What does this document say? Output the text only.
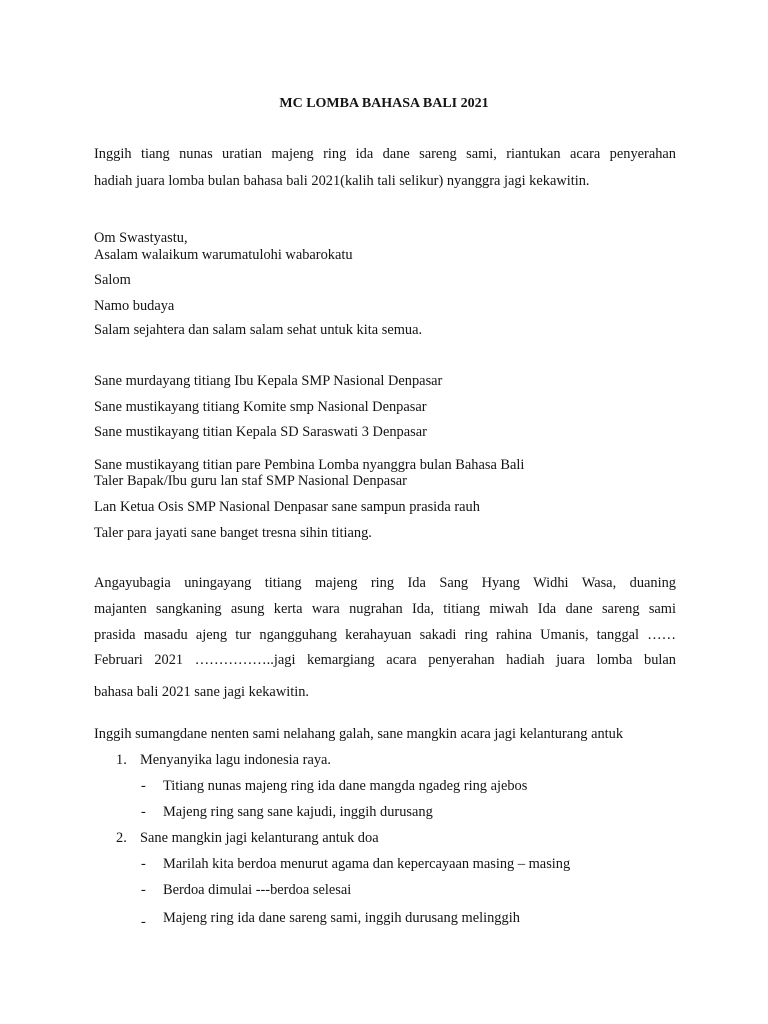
MC LOMBA BAHASA BALI 2021
Inggih tiang nunas uratian majeng ring ida dane sareng sami, riantukan acara penyerahan
hadiah juara lomba bulan bahasa bali 2021(kalih tali selikur) nyanggra jagi kekawitin.
Om Swastyastu,
Asalam walaikum warumatulohi wabarokatu
Salom
Namo budaya
Salam sejahtera dan salam salam sehat untuk kita semua.
Sane murdayang titiang Ibu Kepala SMP Nasional Denpasar
Sane mustikayang titiang Komite smp Nasional Denpasar
Sane mustikayang titian Kepala SD Saraswati 3 Denpasar
Sane mustikayang titian pare Pembina Lomba nyanggra bulan Bahasa Bali
Taler Bapak/Ibu guru lan staf SMP Nasional Denpasar
Lan Ketua Osis SMP Nasional Denpasar sane sampun prasida rauh
Taler para jayati sane banget tresna sihin titiang.
Angayubagia uningayang titiang majeng ring Ida Sang Hyang Widhi Wasa, duaning
majanten sangkaning asung kerta wara nugrahan Ida, titiang miwah Ida dane sareng sami
prasida masadu ajeng tur ngangguhang kerahayuan sakadi ring rahina Umanis, tanggal ……
Februari 2021 ……………..jagi kemargiang acara penyerahan hadiah juara lomba bulan
bahasa bali 2021 sane jagi kekawitin.
Inggih sumangdane nenten sami nelahang galah, sane mangkin acara jagi kelanturang antuk
1. Menyanyika lagu indonesia raya.
- Titiang nunas majeng ring ida dane mangda ngadeg ring ajebos
- Majeng ring sang sane kajudi, inggih durusang
2. Sane mangkin jagi kelanturang antuk doa
- Marilah kita berdoa menurut agama dan kepercayaan masing – masing
- Berdoa dimulai ---berdoa selesai
- Majeng ring ida dane sareng sami, inggih durusang melinggih
